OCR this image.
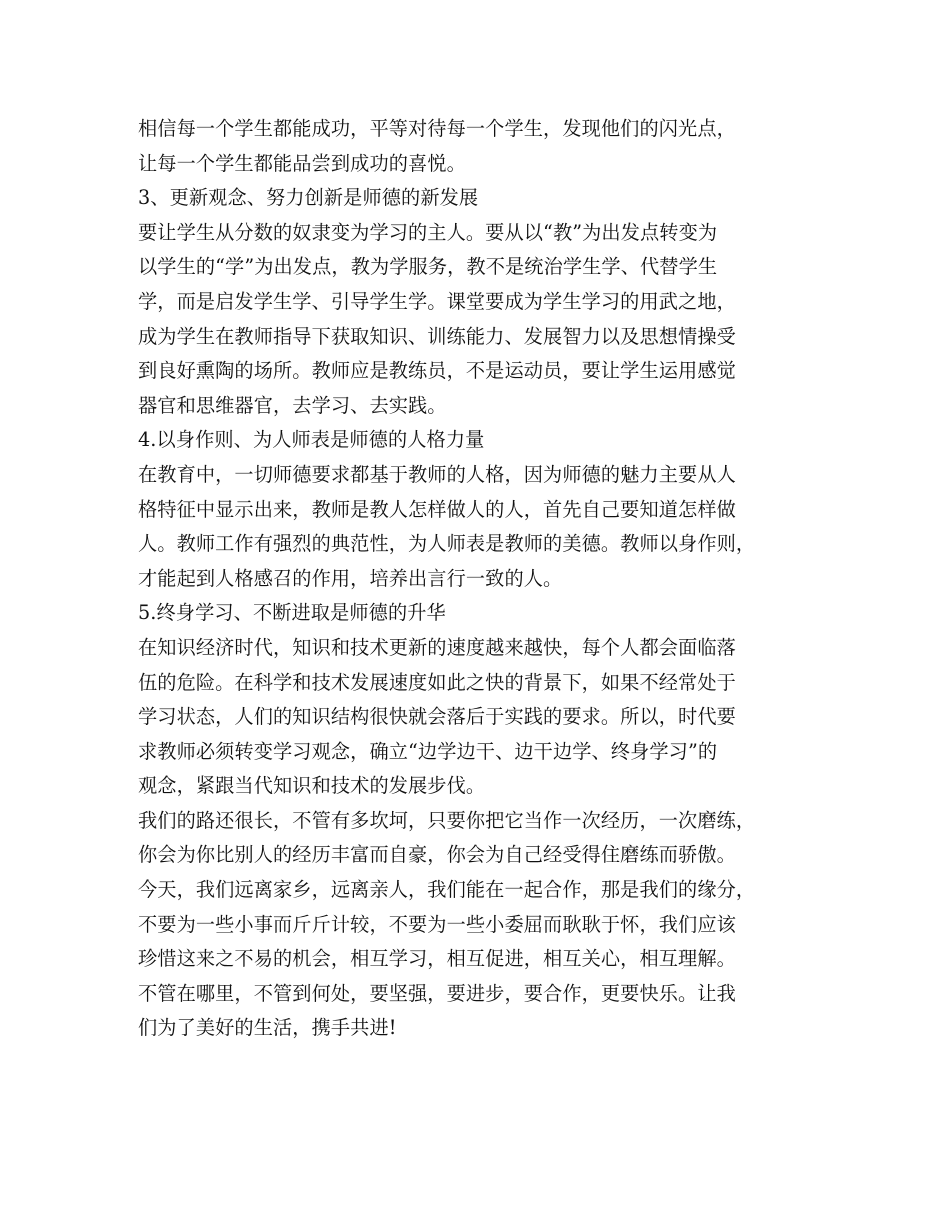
相信每一个学生都能成功，平等对待每一个学生，发现他们的闪光点，
让每一个学生都能品尝到成功的喜悦。
3、更新观念、努力创新是师德的新发展
要让学生从分数的奴隶变为学习的主人。要从以“教”为出发点转变为
以学生的“学”为出发点，教为学服务，教不是统治学生学、代替学生
学，而是启发学生学、引导学生学。课堂要成为学生学习的用武之地，
成为学生在教师指导下获取知识、训练能力、发展智力以及思想情操受
到良好熏陶的场所。教师应是教练员，不是运动员，要让学生运用感觉
器官和思维器官，去学习、去实践。
4.以身作则、为人师表是师德的人格力量
在教育中，一切师德要求都基于教师的人格，因为师德的魅力主要从人
格特征中显示出来，教师是教人怎样做人的人，首先自己要知道怎样做
人。教师工作有强烈的典范性，为人师表是教师的美德。教师以身作则，
才能起到人格感召的作用，培养出言行一致的人。
5.终身学习、不断进取是师德的升华
在知识经济时代，知识和技术更新的速度越来越快，每个人都会面临落
伍的危险。在科学和技术发展速度如此之快的背景下，如果不经常处于
学习状态，人们的知识结构很快就会落后于实践的要求。所以，时代要
求教师必须转变学习观念，确立“边学边干、边干边学、终身学习”的
观念，紧跟当代知识和技术的发展步伐。
我们的路还很长，不管有多坎坷，只要你把它当作一次经历，一次磨练，
你会为你比别人的经历丰富而自豪，你会为自己经受得住磨练而骄傲。
今天，我们远离家乡，远离亲人，我们能在一起合作，那是我们的缘分，
不要为一些小事而斤斤计较，不要为一些小委屈而耿耿于怀，我们应该
珍惜这来之不易的机会，相互学习，相互促进，相互关心，相互理解。
不管在哪里，不管到何处，要坚强，要进步，要合作，更要快乐。让我
们为了美好的生活，携手共进!
